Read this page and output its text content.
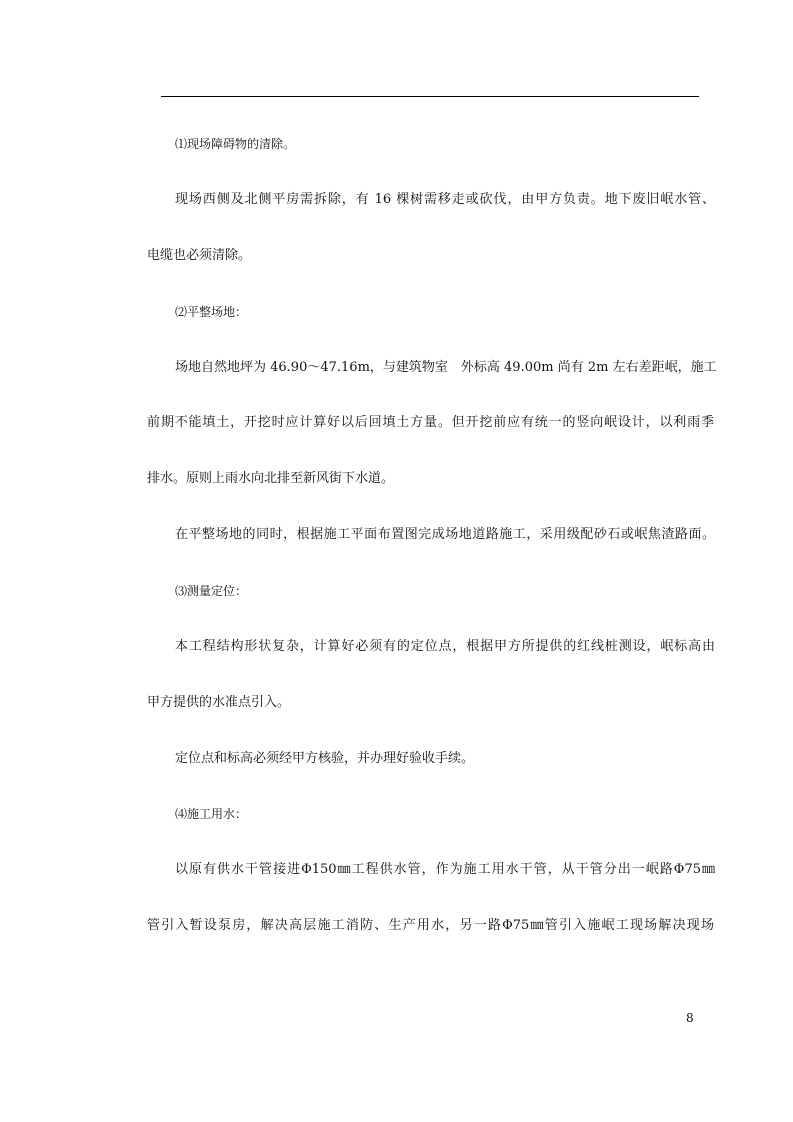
⑴现场障碍物的清除。

现场西侧及北侧平房需拆除，有 16 棵树需移走或砍伐，由甲方负责。地下废旧岷水管、

电缆也必须清除。

⑵平整场地：

场地自然地坪为 46.90～47.16m，与建筑物室　外标高 49.00m 尚有 2m 左右差距岷，施工

前期不能填土，开挖时应计算好以后回填土方量。但开挖前应有统一的竖向岷设计，以利雨季

排水。原则上雨水向北排至新风街下水道。

在平整场地的同时，根据施工平面布置图完成场地道路施工，采用级配砂石或岷焦渣路面。

⑶测量定位：

本工程结构形状复杂，计算好必须有的定位点，根据甲方所提供的红线桩测设，岷标高由

甲方提供的水准点引入。

定位点和标高必须经甲方核验，并办理好验收手续。

⑷施工用水：

以原有供水干管接进Φ150㎜工程供水管，作为施工用水干管，从干管分出一岷路Φ75㎜

管引入暂设泵房，解决高层施工消防、生产用水，另一路Φ75㎜管引入施岷工现场解决现场

8
